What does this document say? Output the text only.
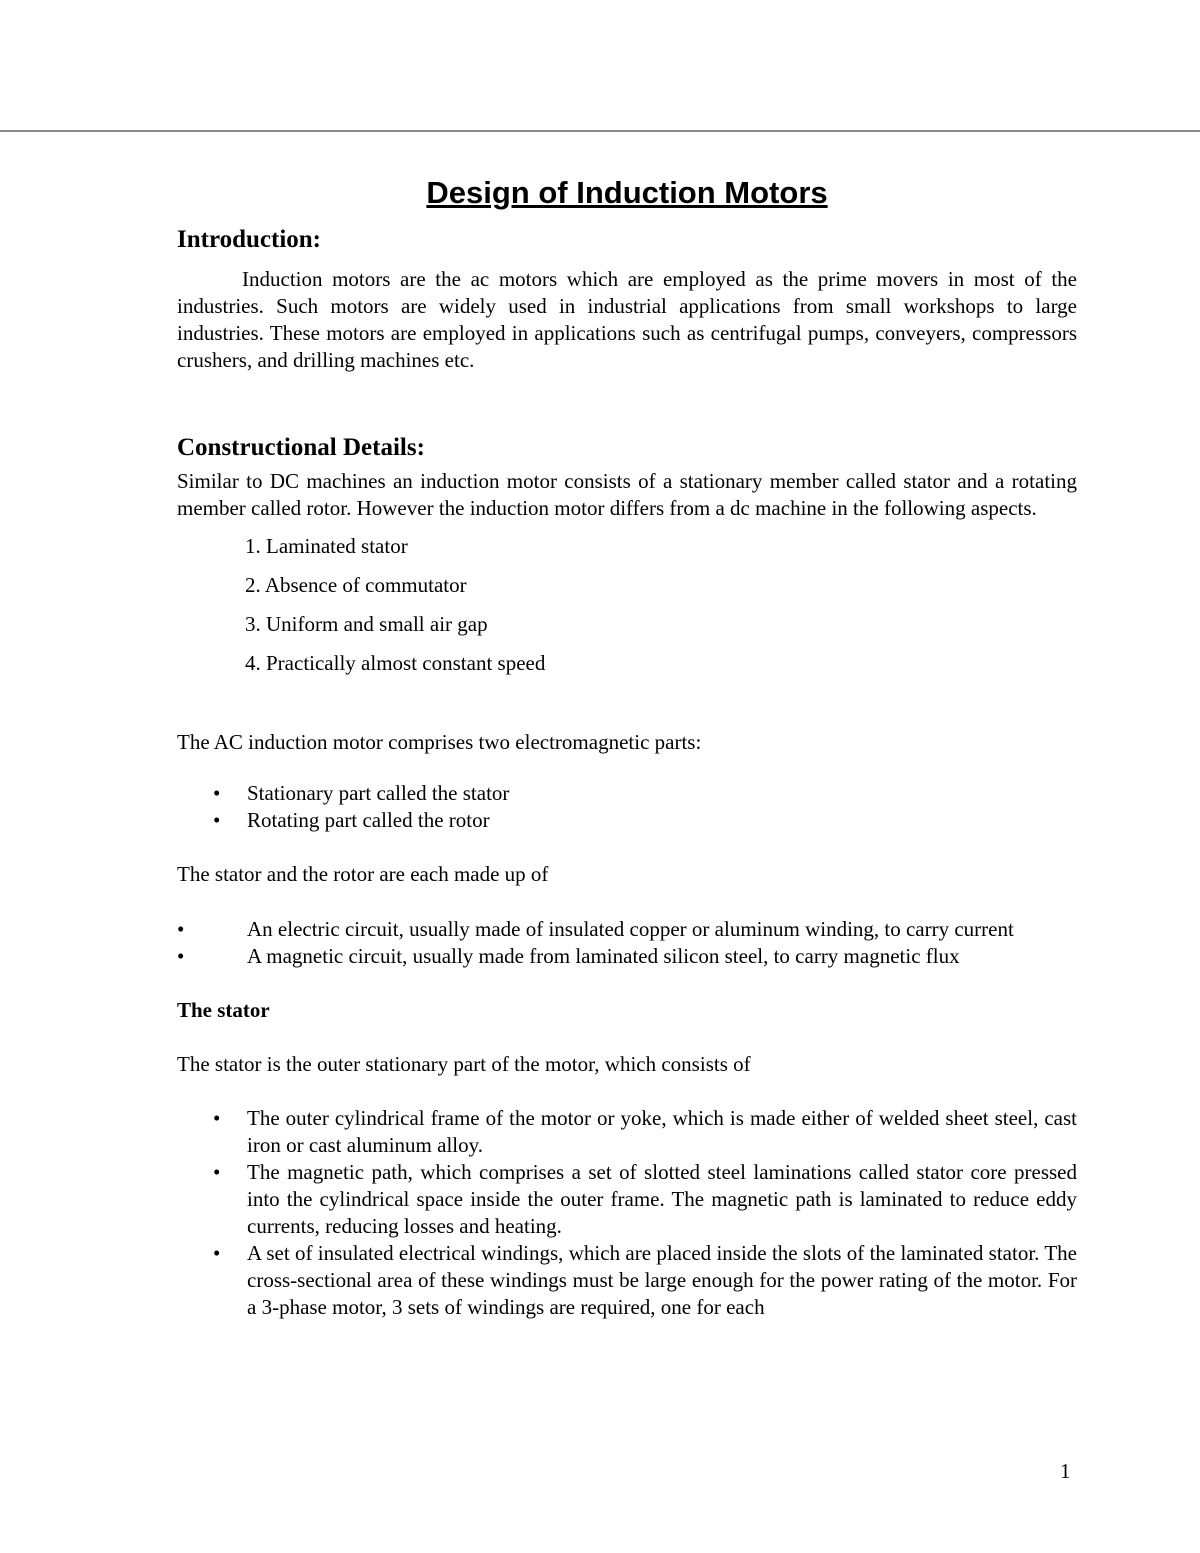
Design of Induction Motors
Introduction:

Induction motors are the ac motors which are employed as the prime movers in most of the industries. Such motors are widely used in industrial applications from small workshops to large industries. These motors are employed in applications such as centrifugal pumps, conveyers, compressors crushers, and drilling machines etc.

Constructional Details:

Similar to DC machines an induction motor consists of a stationary member called stator and a rotating member called rotor. However the induction motor differs from a dc machine in the following aspects.

1. Laminated stator
2. Absence of commutator
3. Uniform and small air gap
4. Practically almost constant speed

The AC induction motor comprises two electromagnetic parts:

• Stationary part called the stator
• Rotating part called the rotor

The stator and the rotor are each made up of

•	An electric circuit, usually made of insulated copper or aluminum winding, to carry current
•	A magnetic circuit, usually made from laminated silicon steel, to carry magnetic flux

The stator

The stator is the outer stationary part of the motor, which consists of

• The outer cylindrical frame of the motor or yoke, which is made either of welded sheet steel, cast iron or cast aluminum alloy.
• The magnetic path, which comprises a set of slotted steel laminations called stator core pressed into the cylindrical space inside the outer frame. The magnetic path is laminated to reduce eddy currents, reducing losses and heating.
• A set of insulated electrical windings, which are placed inside the slots of the laminated stator. The cross-sectional area of these windings must be large enough for the power rating of the motor. For a 3-phase motor, 3 sets of windings are required, one for each
1
